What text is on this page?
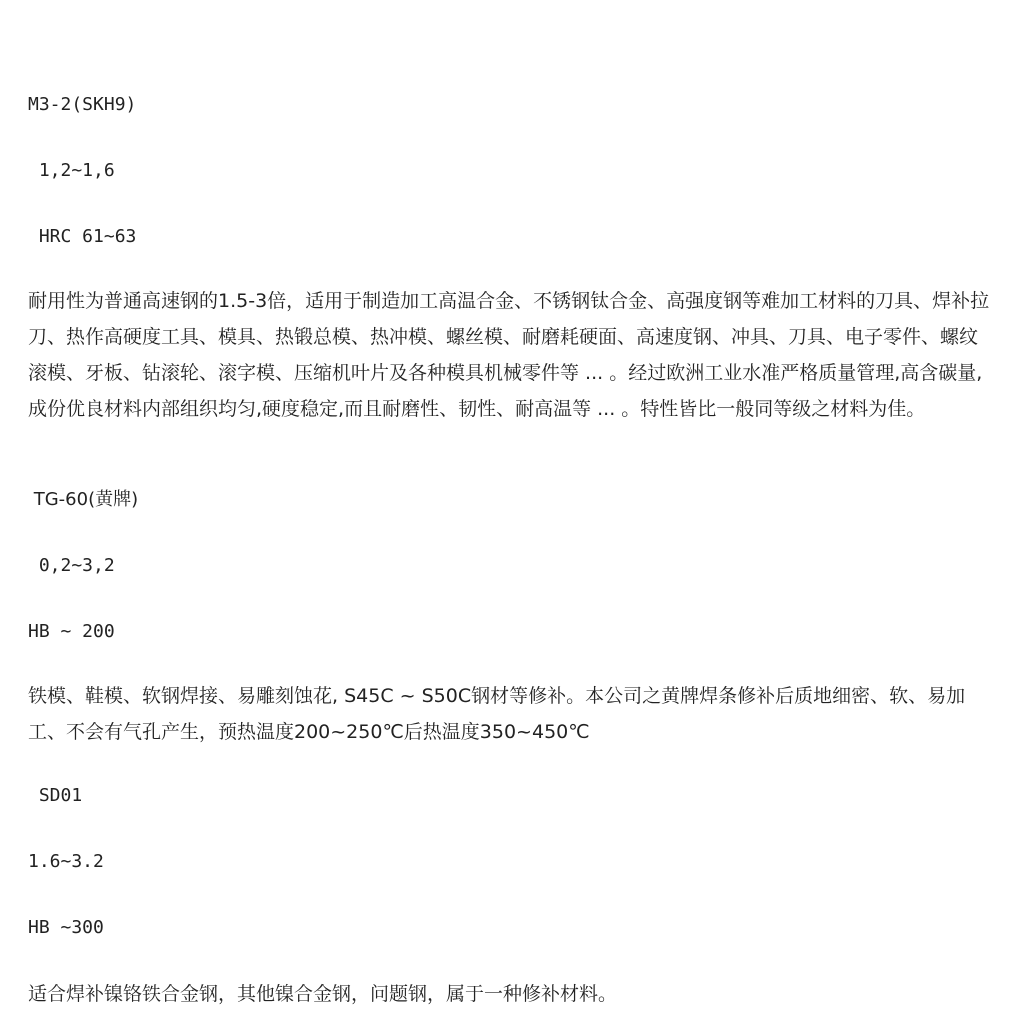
M3-2(SKH9)

1,2~1,6

HRC 61~63

耐用性为普通高速钢的1.5-3倍，适用于制造加工高温合金、不锈钢钛合金、高强度钢等难加工材料的刀具、焊补拉刀、热作高硬度工具、模具、热锻总模、热冲模、螺丝模、耐磨耗硬面、高速度钢、冲具、刀具、电子零件、螺纹滚模、牙板、钻滚轮、滚字模、压缩机叶片及各种模具机械零件等 ... 。经过欧洲工业水准严格质量管理,高含碳量,成份优良材料内部组织均匀,硬度稳定,而且耐磨性、韧性、耐高温等 ... 。特性皆比一般同等级之材料为佳。

TG-60(黄牌)

0,2~3,2

HB ~ 200

铁模、鞋模、软钢焊接、易雕刻蚀花, S45C ~ S50C钢材等修补。本公司之黄牌焊条修补后质地细密、软、易加工、不会有气孔产生，预热温度200~250℃后热温度350~450℃

SD01

1.6~3.2

HB ~300

适合焊补镍铬铁合金钢，其他镍合金钢，问题钢，属于一种修补材料。
